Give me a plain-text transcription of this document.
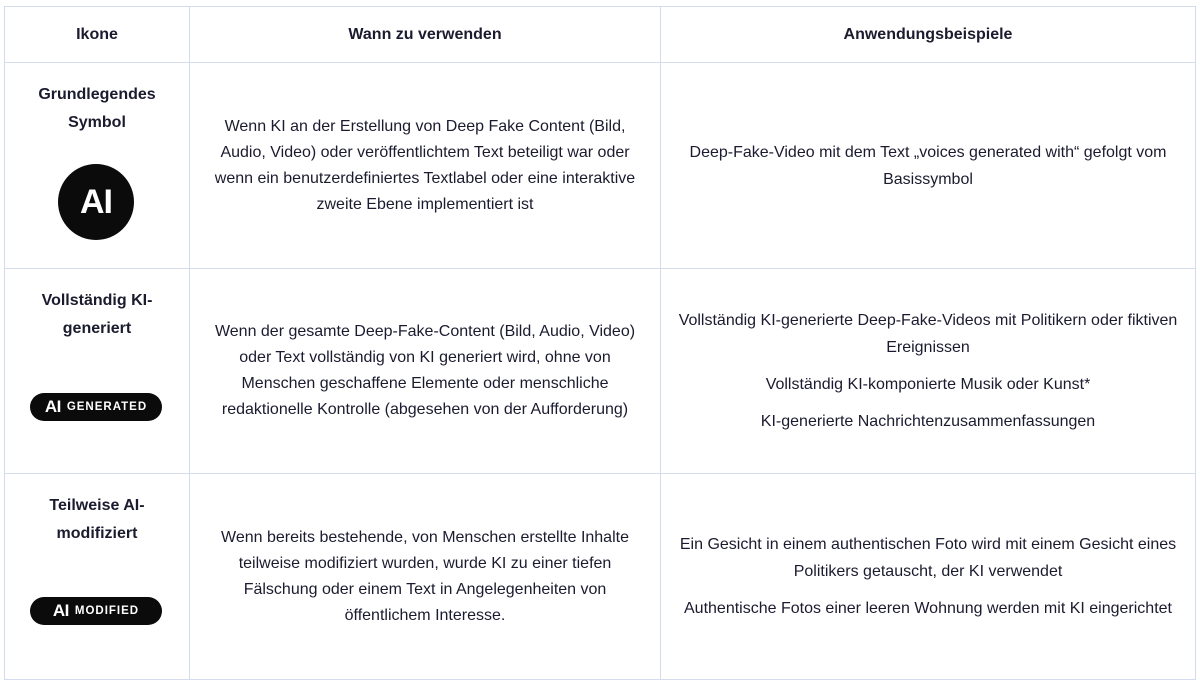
Ikone	Wann zu verwenden	Anwendungsbeispiele
Grundlegendes
Symbol
AI
Wenn KI an der Erstellung von Deep Fake Content (Bild, Audio, Video) oder veröffentlichtem Text beteiligt war oder wenn ein benutzerdefiniertes Textlabel oder eine interaktive zweite Ebene implementiert ist

Deep-Fake-Video mit dem Text „voices generated with“ gefolgt vom Basissymbol

Vollständig KI-
generiert
AI GENERATED
Wenn der gesamte Deep-Fake-Content (Bild, Audio, Video) oder Text vollständig von KI generiert wird, ohne von Menschen geschaffene Elemente oder menschliche redaktionelle Kontrolle (abgesehen von der Aufforderung)

Vollständig KI-generierte Deep-Fake-Videos mit Politikern oder fiktiven Ereignissen

Vollständig KI-komponierte Musik oder Kunst*

KI-generierte Nachrichtenzusammenfassungen

Teilweise AI-
modifiziert
AI MODIFIED
Wenn bereits bestehende, von Menschen erstellte Inhalte teilweise modifiziert wurden, wurde KI zu einer tiefen Fälschung oder einem Text in Angelegenheiten von öffentlichem Interesse.

Ein Gesicht in einem authentischen Foto wird mit einem Gesicht eines Politikers getauscht, der KI verwendet

Authentische Fotos einer leeren Wohnung werden mit KI eingerichtet
